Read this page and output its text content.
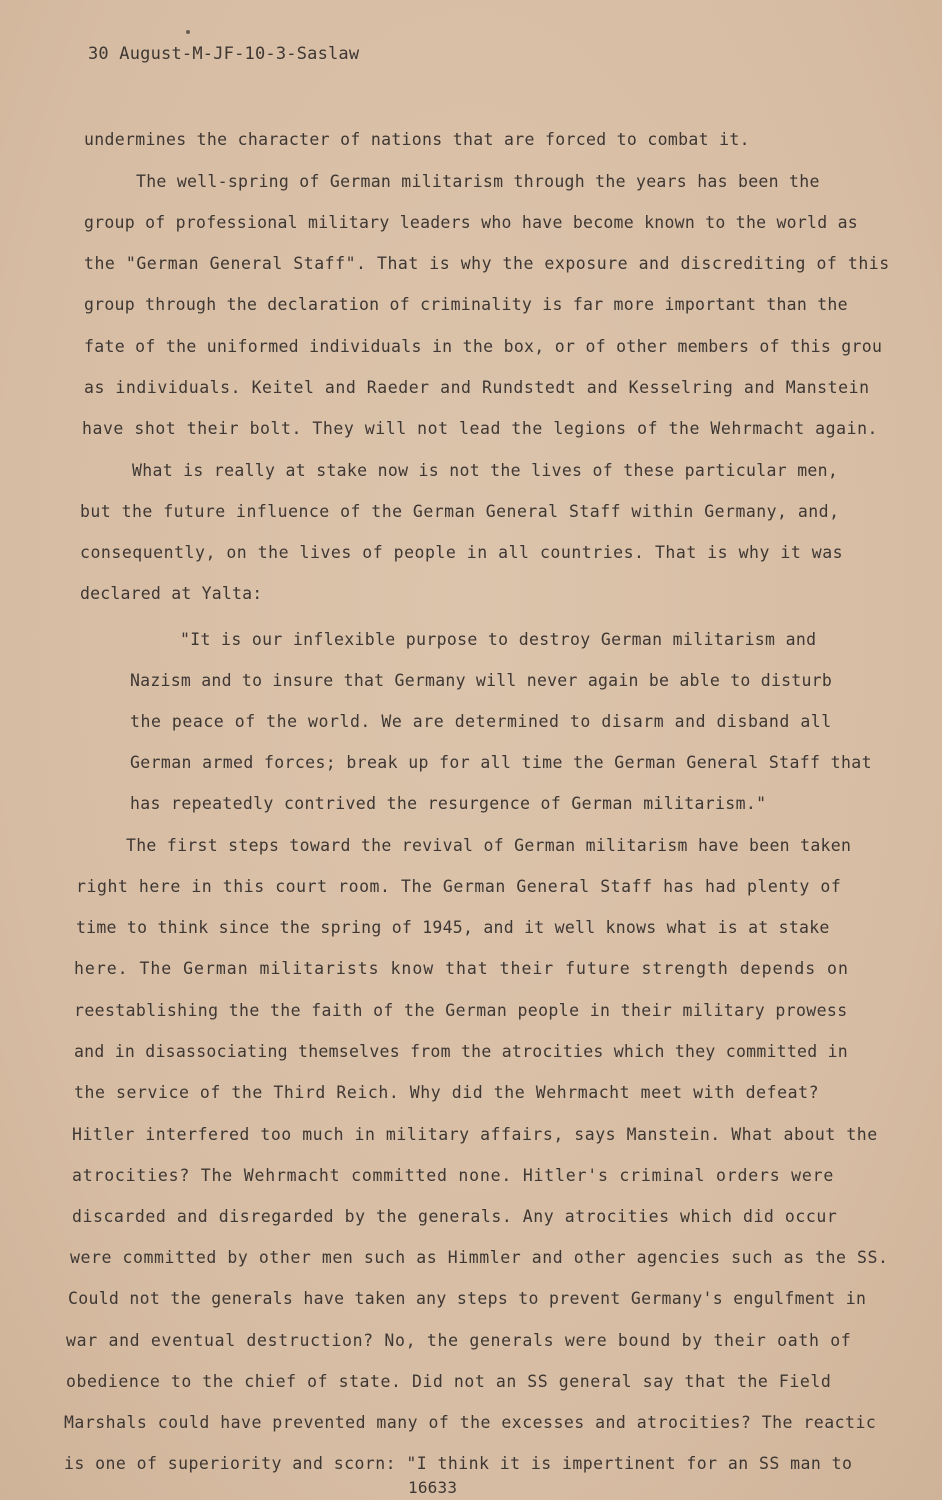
30 August-M-JF-10-3-Saslaw
undermines the character of nations that are forced to combat it.
The well-spring of German militarism through the years has been the
group of professional military leaders who have become known to the world as
the "German General Staff". That is why the exposure and discrediting of this
group through the declaration of criminality is far more important than the
fate of the uniformed individuals in the box, or of other members of this grou
as individuals. Keitel and Raeder and Rundstedt and Kesselring and Manstein
have shot their bolt. They will not lead the legions of the Wehrmacht again.
What is really at stake now is not the lives of these particular men,
but the future influence of the German General Staff within Germany, and,
consequently, on the lives of people in all countries. That is why it was
declared at Yalta:
"It is our inflexible purpose to destroy German militarism and
Nazism and to insure that Germany will never again be able to disturb
the peace of the world. We are determined to disarm and disband all
German armed forces; break up for all time the German General Staff that
has repeatedly contrived the resurgence of German militarism."
The first steps toward the revival of German militarism have been taken
right here in this court room. The German General Staff has had plenty of
time to think since the spring of 1945, and it well knows what is at stake
here. The German militarists know that their future strength depends on
reestablishing the the faith of the German people in their military prowess
and in disassociating themselves from the atrocities which they committed in
the service of the Third Reich. Why did the Wehrmacht meet with defeat?
Hitler interfered too much in military affairs, says Manstein. What about the
atrocities? The Wehrmacht committed none. Hitler's criminal orders were
discarded and disregarded by the generals. Any atrocities which did occur
were committed by other men such as Himmler and other agencies such as the SS.
Could not the generals have taken any steps to prevent Germany's engulfment in
war and eventual destruction? No, the generals were bound by their oath of
obedience to the chief of state. Did not an SS general say that the Field
Marshals could have prevented many of the excesses and atrocities? The reactic
is one of superiority and scorn: "I think it is impertinent for an SS man to
16633
